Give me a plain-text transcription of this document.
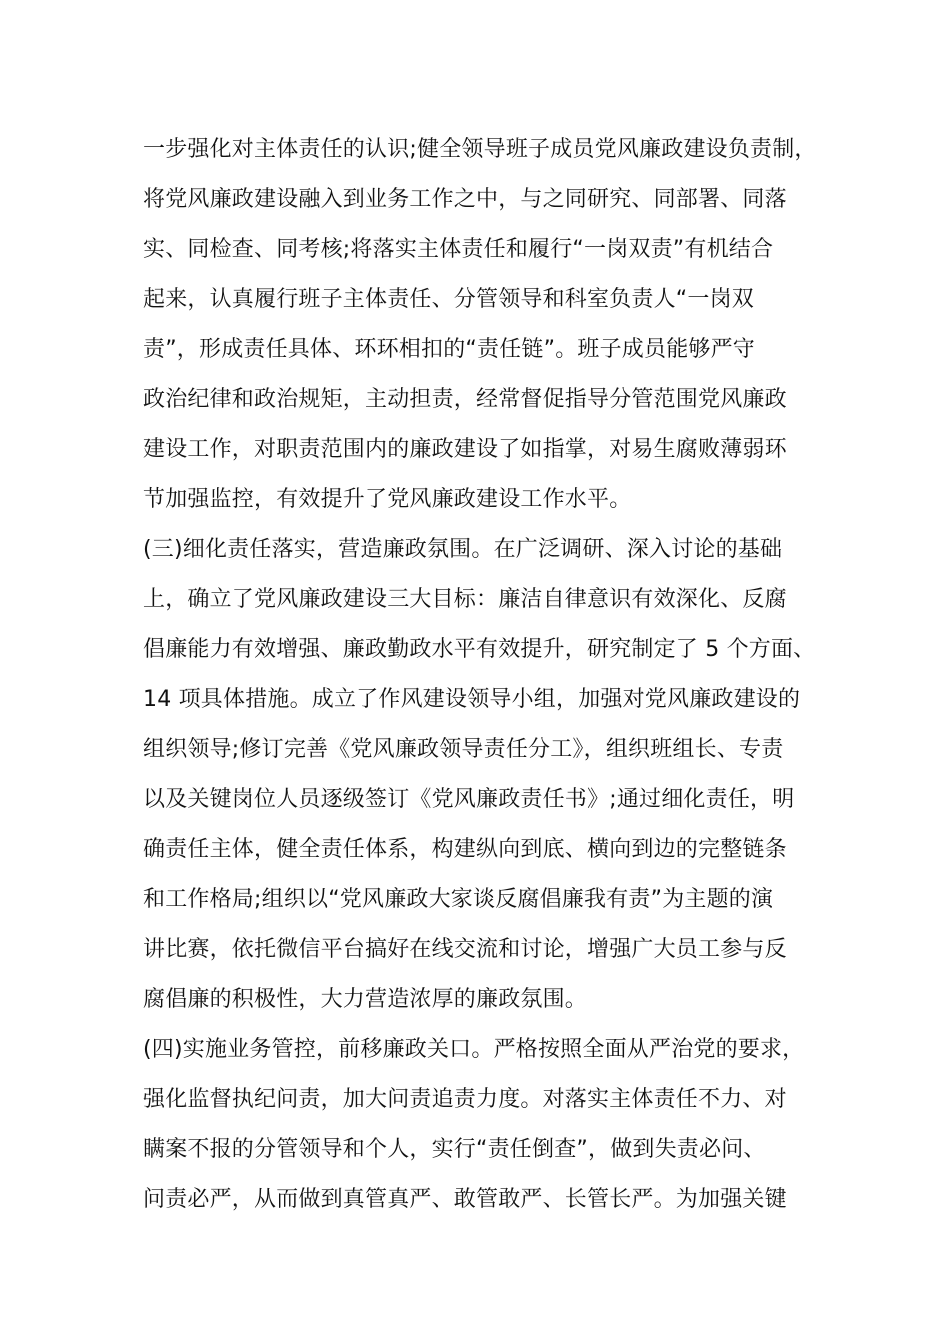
一步强化对主体责任的认识;健全领导班子成员党风廉政建设负责制，
将党风廉政建设融入到业务工作之中，与之同研究、同部署、同落
实、同检查、同考核;将落实主体责任和履行“一岗双责”有机结合
起来，认真履行班子主体责任、分管领导和科室负责人“一岗双
责”，形成责任具体、环环相扣的“责任链”。班子成员能够严守
政治纪律和政治规矩，主动担责，经常督促指导分管范围党风廉政
建设工作，对职责范围内的廉政建设了如指掌，对易生腐败薄弱环
节加强监控，有效提升了党风廉政建设工作水平。
(三)细化责任落实，营造廉政氛围。在广泛调研、深入讨论的基础
上，确立了党风廉政建设三大目标：廉洁自律意识有效深化、反腐
倡廉能力有效增强、廉政勤政水平有效提升，研究制定了 5 个方面、
14 项具体措施。成立了作风建设领导小组，加强对党风廉政建设的
组织领导;修订完善《党风廉政领导责任分工》，组织班组长、专责
以及关键岗位人员逐级签订《党风廉政责任书》;通过细化责任，明
确责任主体，健全责任体系，构建纵向到底、横向到边的完整链条
和工作格局;组织以“党风廉政大家谈反腐倡廉我有责”为主题的演
讲比赛，依托微信平台搞好在线交流和讨论，增强广大员工参与反
腐倡廉的积极性，大力营造浓厚的廉政氛围。
(四)实施业务管控，前移廉政关口。严格按照全面从严治党的要求，
强化监督执纪问责，加大问责追责力度。对落实主体责任不力、对
瞒案不报的分管领导和个人，实行“责任倒查”，做到失责必问、
问责必严，从而做到真管真严、敢管敢严、长管长严。为加强关键
